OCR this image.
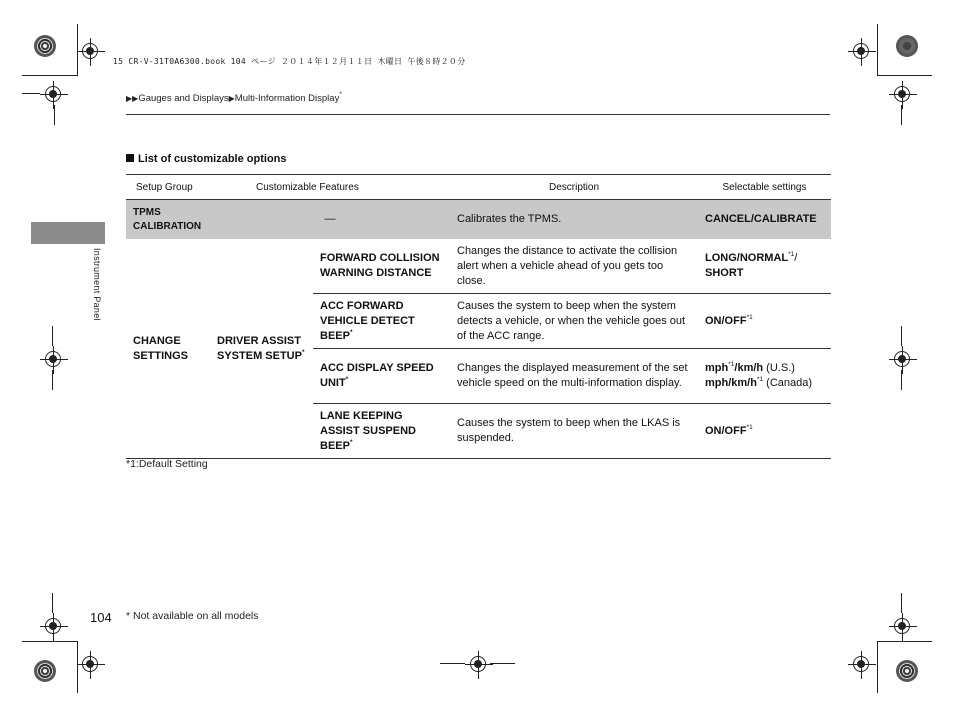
15 CR-V-31T0A6300.book 104 ページ ２０１４年１２月１１日 木曜日 午後８時２０分
▶▶Gauges and Displays▶Multi-Information Display*
Instrument Panel
List of customizable options
Setup Group	Customizable Features		Description	Selectable settings

TPMS
CALIBRATION	—		Calibrates the TPMS.	CANCEL/CALIBRATE
CHANGE SETTINGS	DRIVER ASSIST SYSTEM SETUP*	FORWARD COLLISION WARNING DISTANCE	Changes the distance to activate the collision alert when a vehicle ahead of you gets too close.	LONG/NORMAL$^{*1}$/
SHORT
		ACC FORWARD VEHICLE DETECT BEEP*	Causes the system to beep when the system detects a vehicle, or when the vehicle goes out of the ACC range.	ON/OFF$^{*1}$
		ACC DISPLAY SPEED UNIT*	Changes the displayed measurement of the set vehicle speed on the multi-information display.	mph$^{*1}$/km/h (U.S.)
mph/$km/h^{*1}$ (Canada)
		LANE KEEPING ASSIST SUSPEND BEEP*	Causes the system to beep when the LKAS is suspended.	ON/OFF$^{*1}$
*1:Default Setting
104 * Not available on all models
